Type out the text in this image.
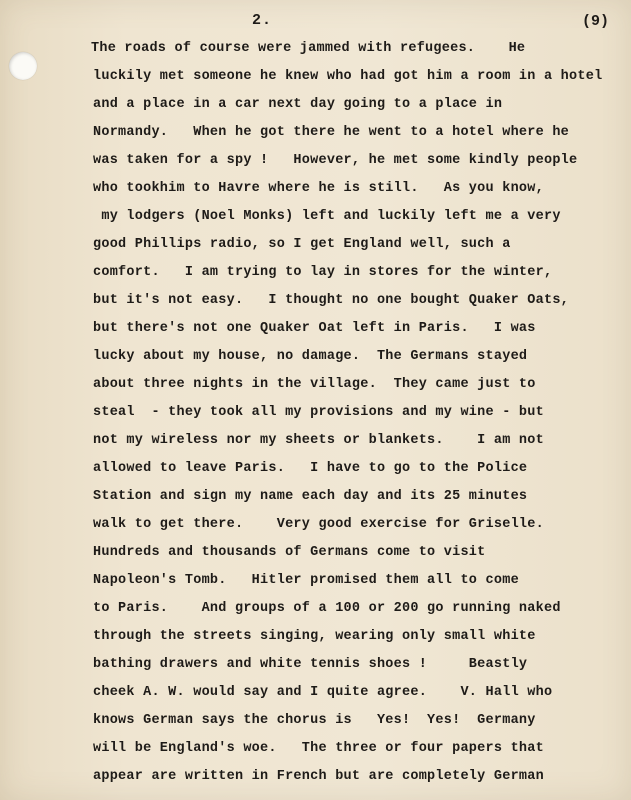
2.	(9)
The roads of course were jammed with refugees.    He
luckily met someone he knew who had got him a room in a hotel
and a place in a car next day going to a place in
Normandy.   When he got there he went to a hotel where he
was taken for a spy !   However, he met some kindly people
who tookhim to Havre where he is still.   As you know,
my lodgers (Noel Monks) left and luckily left me a very
good Phillips radio, so I get England well, such a
comfort.   I am trying to lay in stores for the winter,
but it's not easy.   I thought no one bought Quaker Oats,
but there's not one Quaker Oat left in Paris.   I was
lucky about my house, no damage.  The Germans stayed
about three nights in the village.  They came just to
steal  - they took all my provisions and my wine - but
not my wireless nor my sheets or blankets.    I am not
allowed to leave Paris.   I have to go to the Police
Station and sign my name each day and its 25 minutes
walk to get there.    Very good exercise for Griselle.
Hundreds and thousands of Germans come to visit
Napoleon's Tomb.   Hitler promised them all to come
to Paris.    And groups of a 100 or 200 go running naked
through the streets singing, wearing only small white
bathing drawers and white tennis shoes !     Beastly
cheek A. W. would say and I quite agree.    V. Hall who
knows German says the chorus is   Yes!  Yes!  Germany
will be England's woe.   The three or four papers that
appear are written in French but are completely German
